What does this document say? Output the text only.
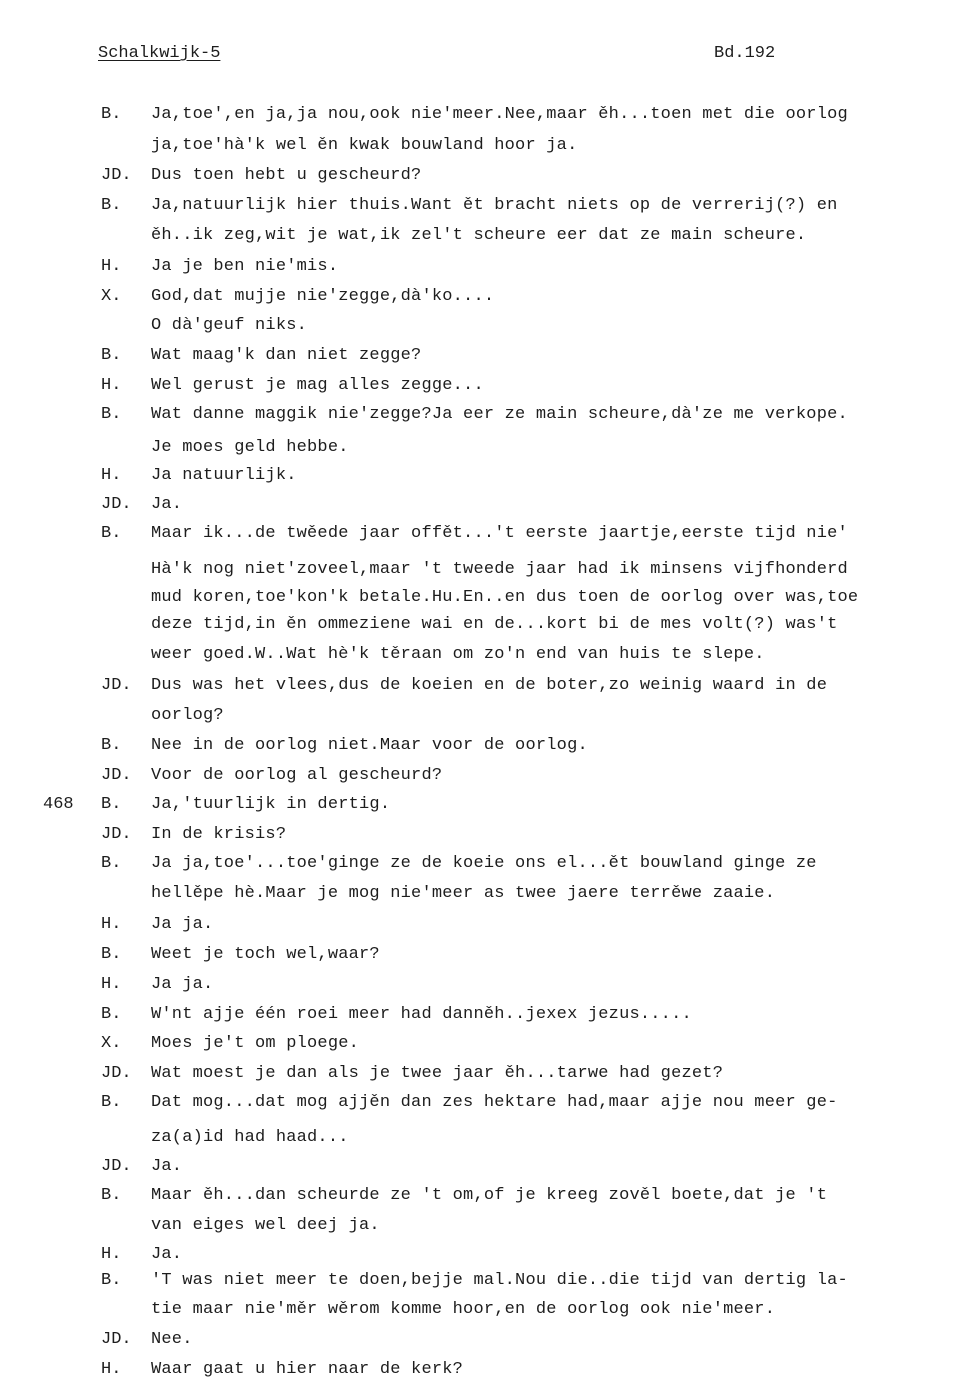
Schalkwijk-5	Bd.192
468
B. Ja,toe',en ja,ja nou,ook nie'meer.Nee,maar ěh...toen met die oorlog
ja,toe'hà'k wel ěn kwak bouwland hoor ja.
JD. Dus toen hebt u gescheurd?
B. Ja,natuurlijk hier thuis.Want ět bracht niets op de verrerij(?) en
ěh..ik zeg,wit je wat,ik zel't scheure eer dat ze main scheure.
H. Ja je ben nie'mis.
X. God,dat mujje nie'zegge,dà'ko....
O dà'geuf niks.
B. Wat maag'k dan niet zegge?
H. Wel gerust je mag alles zegge...
B. Wat danne maggik nie'zegge?Ja eer ze main scheure,dà'ze me verkope.
Je moes geld hebbe.
H. Ja natuurlijk.
JD. Ja.
B. Maar ik...de twěede jaar offět...'t eerste jaartje,eerste tijd nie'
Hà'k nog niet'zoveel,maar 't tweede jaar had ik minsens vijfhonderd
mud koren,toe'kon'k betale.Hu.En..en dus toen de oorlog over was,toe
deze tijd,in ěn ommeziene wai en de...kort bi de mes volt(?) was't
weer goed.W..Wat hè'k těraan om zo'n end van huis te slepe.
JD. Dus was het vlees,dus de koeien en de boter,zo weinig waard in de
oorlog?
B. Nee in de oorlog niet.Maar voor de oorlog.
JD. Voor de oorlog al gescheurd?
B. Ja,'tuurlijk in dertig.
JD. In de krisis?
B. Ja ja,toe'...toe'ginge ze de koeie ons el...ět bouwland ginge ze
hellěpe hè.Maar je mog nie'meer as twee jaere terrěwe zaaie.
H. Ja ja.
B. Weet je toch wel,waar?
H. Ja ja.
B. W'nt ajje één roei meer had danněh..jexex jezus.....
X. Moes je't om ploege.
JD. Wat moest je dan als je twee jaar ěh...tarwe had gezet?
B. Dat mog...dat mog ajjěn dan zes hektare had,maar ajje nou meer ge-
za(a)id had haad...
JD. Ja.
B. Maar ěh...dan scheurde ze 't om,of je kreeg zověl boete,dat je 't
van eiges wel deej ja.
H. Ja.
B. 'T was niet meer te doen,bejje mal.Nou die..die tijd van dertig la-
tie maar nie'měr wěrom komme hoor,en de oorlog ook nie'meer.
JD. Nee.
H. Waar gaat u hier naar de kerk?
